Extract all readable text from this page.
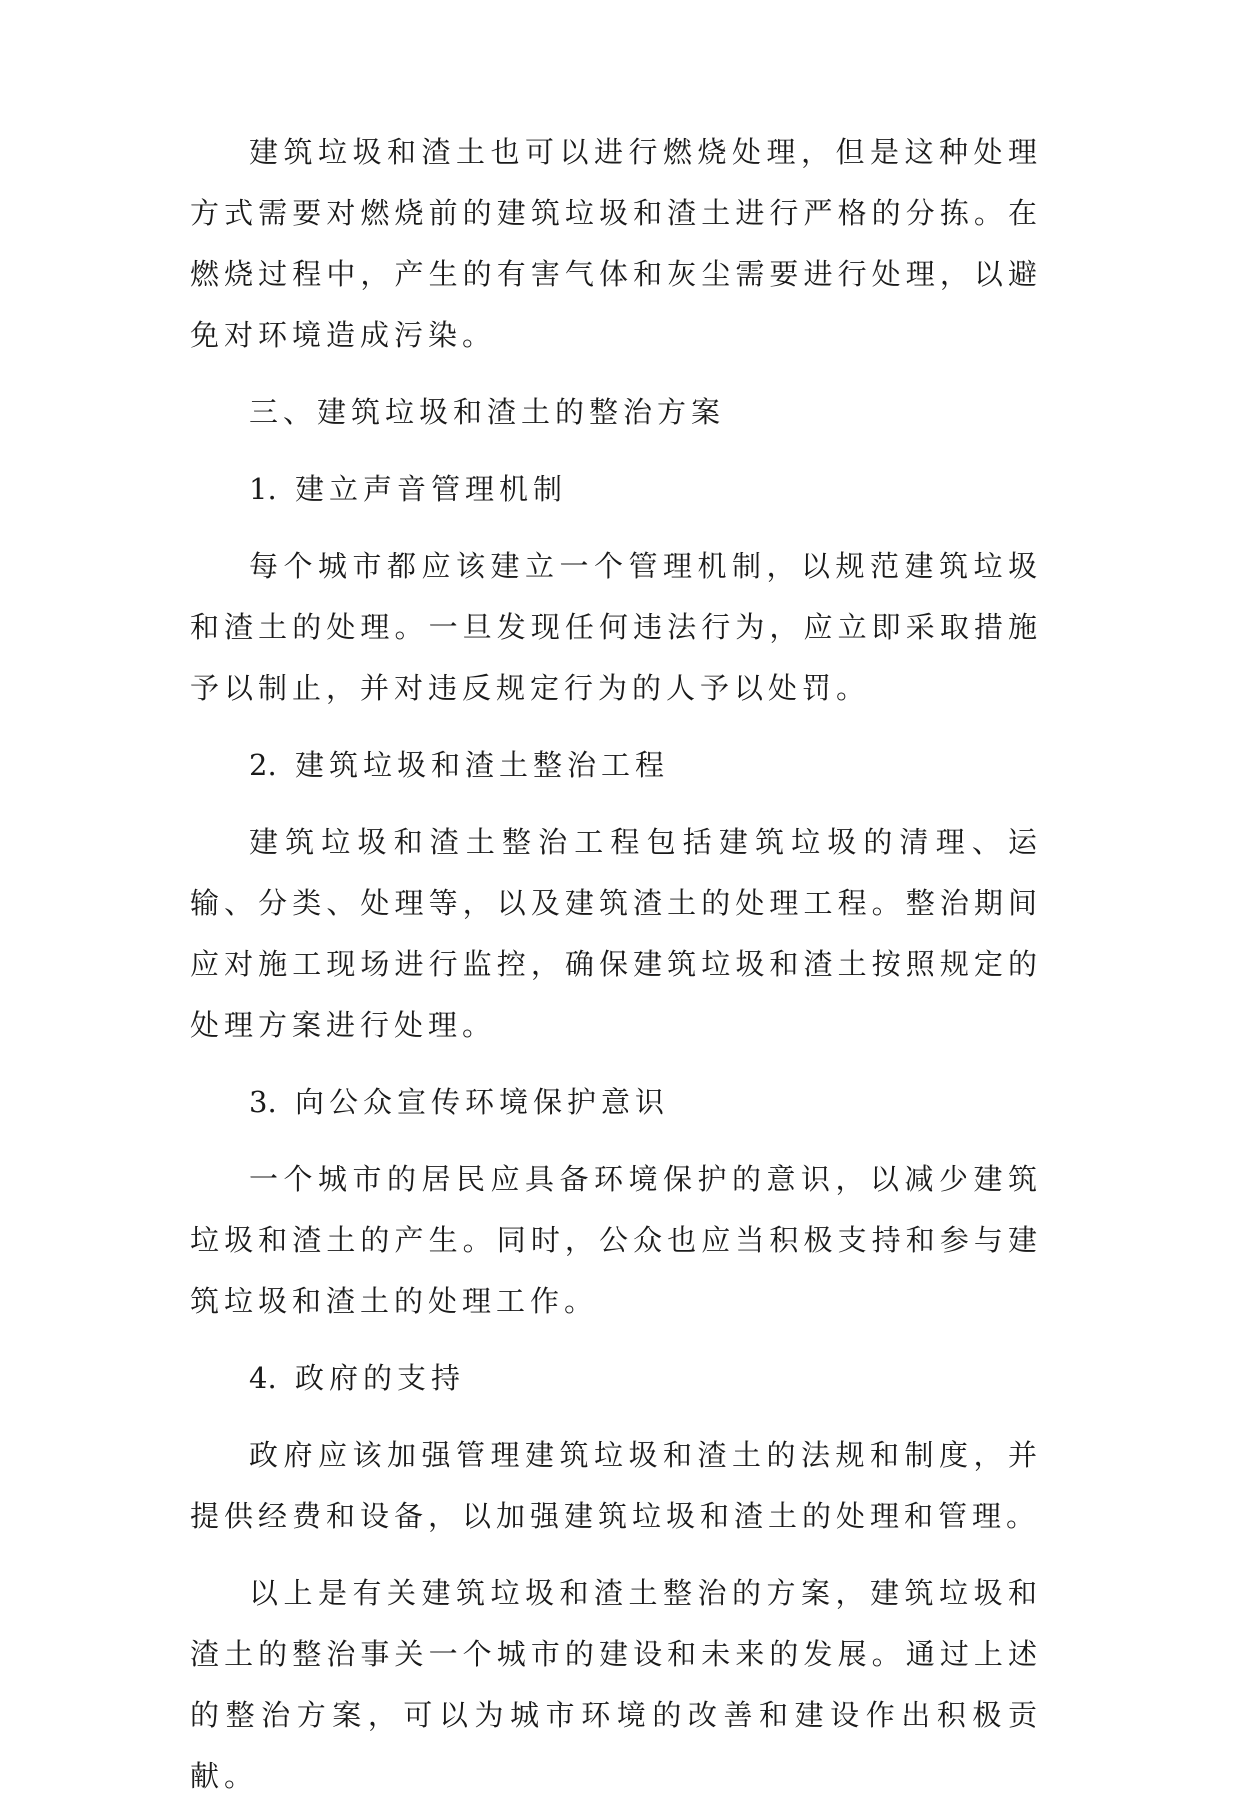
建筑垃圾和渣土也可以进行燃烧处理，但是这种处理方式需要对燃烧前的建筑垃圾和渣土进行严格的分拣。在燃烧过程中，产生的有害气体和灰尘需要进行处理，以避免对环境造成污染。

三、建筑垃圾和渣土的整治方案

1. 建立声音管理机制

每个城市都应该建立一个管理机制，以规范建筑垃圾和渣土的处理。一旦发现任何违法行为，应立即采取措施予以制止，并对违反规定行为的人予以处罚。

2. 建筑垃圾和渣土整治工程

建筑垃圾和渣土整治工程包括建筑垃圾的清理、运输、分类、处理等，以及建筑渣土的处理工程。整治期间应对施工现场进行监控，确保建筑垃圾和渣土按照规定的处理方案进行处理。

3. 向公众宣传环境保护意识

一个城市的居民应具备环境保护的意识，以减少建筑垃圾和渣土的产生。同时，公众也应当积极支持和参与建筑垃圾和渣土的处理工作。

4. 政府的支持

政府应该加强管理建筑垃圾和渣土的法规和制度，并提供经费和设备，以加强建筑垃圾和渣土的处理和管理。

以上是有关建筑垃圾和渣土整治的方案，建筑垃圾和渣土的整治事关一个城市的建设和未来的发展。通过上述的整治方案，可以为城市环境的改善和建设作出积极贡献。
